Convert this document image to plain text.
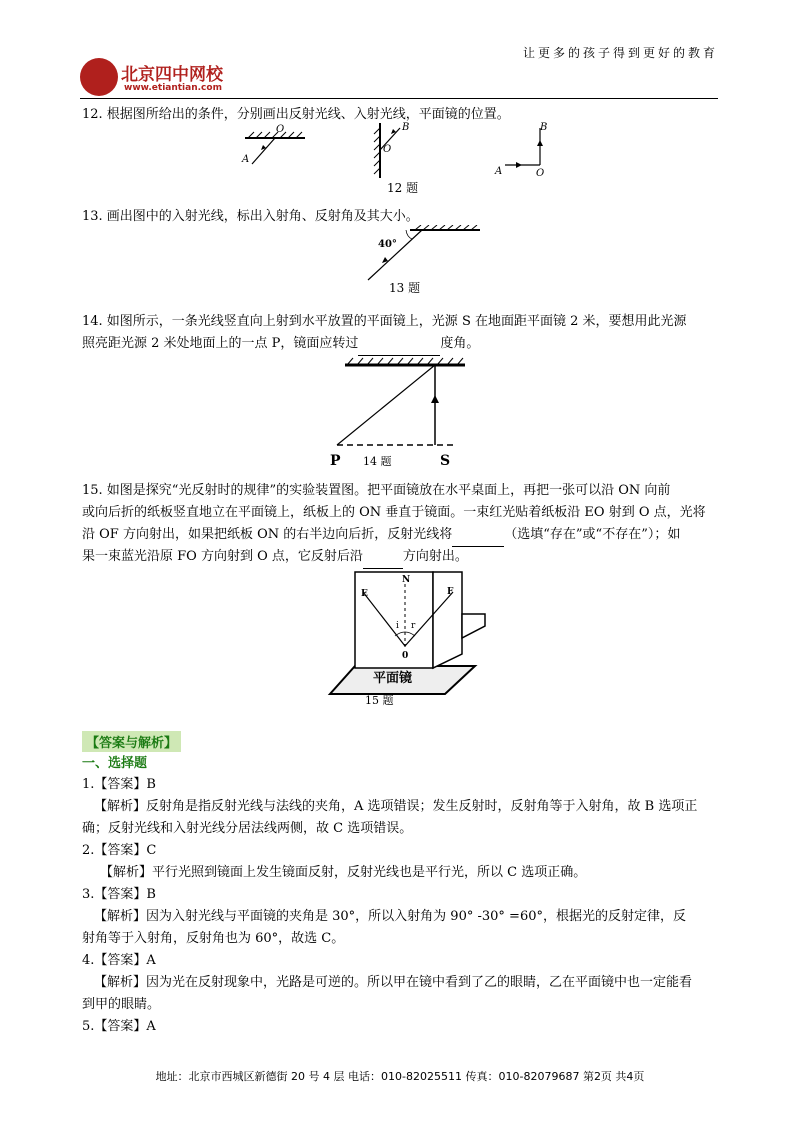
北京四中网校
www.etiantian.com
让更多的孩子得到更好的教育
12. 根据图所给出的条件，分别画出反射光线、入射光线，平面镜的位置。
O
A
B
O
A	O
B
12 题
13. 画出图中的入射光线，标出入射角、反射角及其大小。
40°
13 题
14. 如图所示，一条光线竖直向上射到水平放置的平面镜上，光源 S 在地面距平面镜 2 米，要想用此光源
照亮距光源 2 米处地面上的一点 P，镜面应转过	度角。
P	S
14 题
15. 如图是探究“光反射时的规律”的实验装置图。把平面镜放在水平桌面上，再把一张可以沿 ON 向前
或向后折的纸板竖直地立在平面镜上，纸板上的 ON 垂直于镜面。一束红光贴着纸板沿 EO 射到 O 点，光将
沿 OF 方向射出，如果把纸板 ON 的右半边向后折，反射光线将	（选填“存在”或“不存在”）；如
果一束蓝光沿原 FO 方向射到 O 点，它反射后沿	方向射出。
N
E	F
i r
0
平面镜
15 题
【答案与解析】
一、选择题
1.【答案】B
【解析】反射角是指反射光线与法线的夹角，A 选项错误；发生反射时，反射角等于入射角，故 B 选项正
确；反射光线和入射光线分居法线两侧，故 C 选项错误。
2.【答案】C
【解析】平行光照到镜面上发生镜面反射，反射光线也是平行光，所以 C 选项正确。
3.【答案】B
【解析】因为入射光线与平面镜的夹角是 30°，所以入射角为 90° -30° =60°，根据光的反射定律，反
射角等于入射角，反射角也为 60°，故选 C。
4.【答案】A
【解析】因为光在反射现象中，光路是可逆的。所以甲在镜中看到了乙的眼睛，乙在平面镜中也一定能看
到甲的眼睛。
5.【答案】A
地址：北京市西城区新德街 20 号 4 层 电话：010-82025511 传真：010-82079687 第2页 共4页
